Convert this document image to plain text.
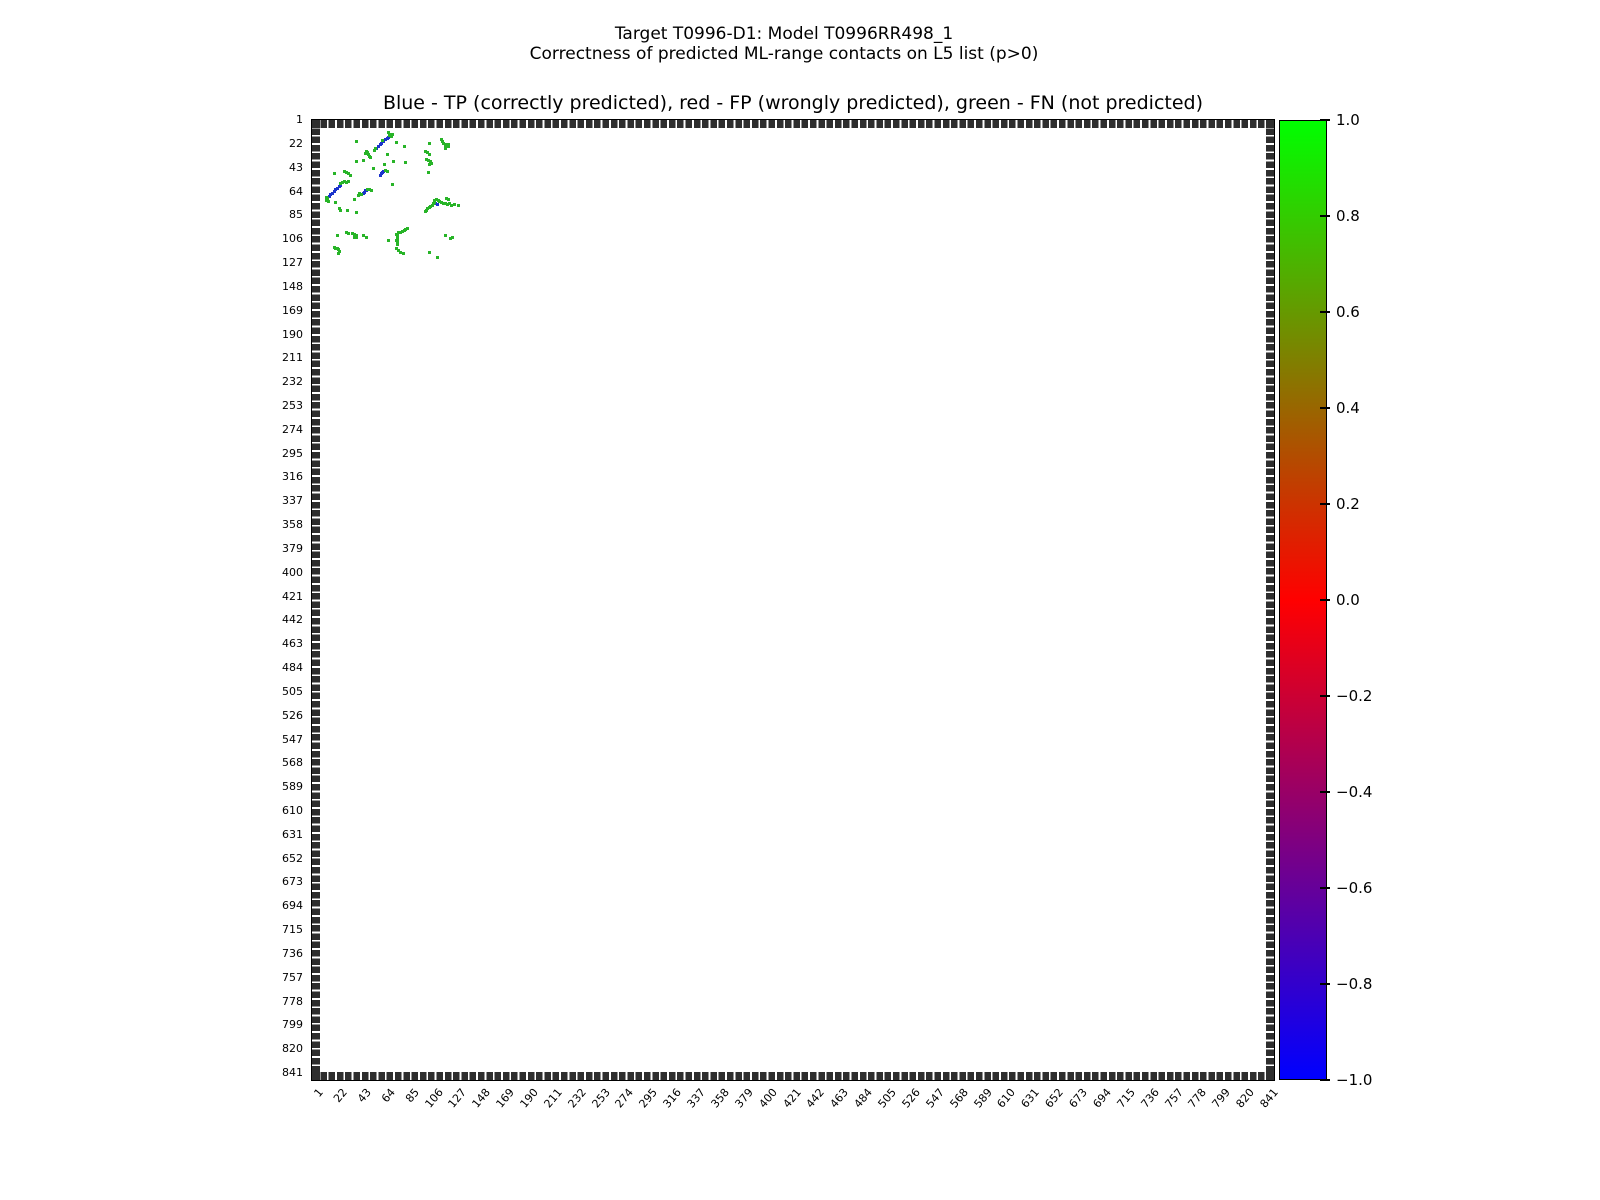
Target T0996-D1: Model T0996RR498_1
Correctness of predicted ML-range contacts on L5 list (p>0)
Blue - TP (correctly predicted), red - FP (wrongly predicted), green - FN (not predicted)
1
22
43
64
85
106
127
148
169
190
211
232
253
274
295
316
337
358
379
400
421
442
463
484
505
526
547
568
589
610
631
652
673
694
715
736
757
778
799
820
841
1 22 43 64 85 106 127 148 169 190 211 232 253 274 295 316 337 358 379 400 421 442 463 484 505 526 547 568 589 610 631 652 673 694 715 736 757 778 799 820 841
1.0
0.8
0.6
0.4
0.2
0.0
−0.2
−0.4
−0.6
−0.8
−1.0
